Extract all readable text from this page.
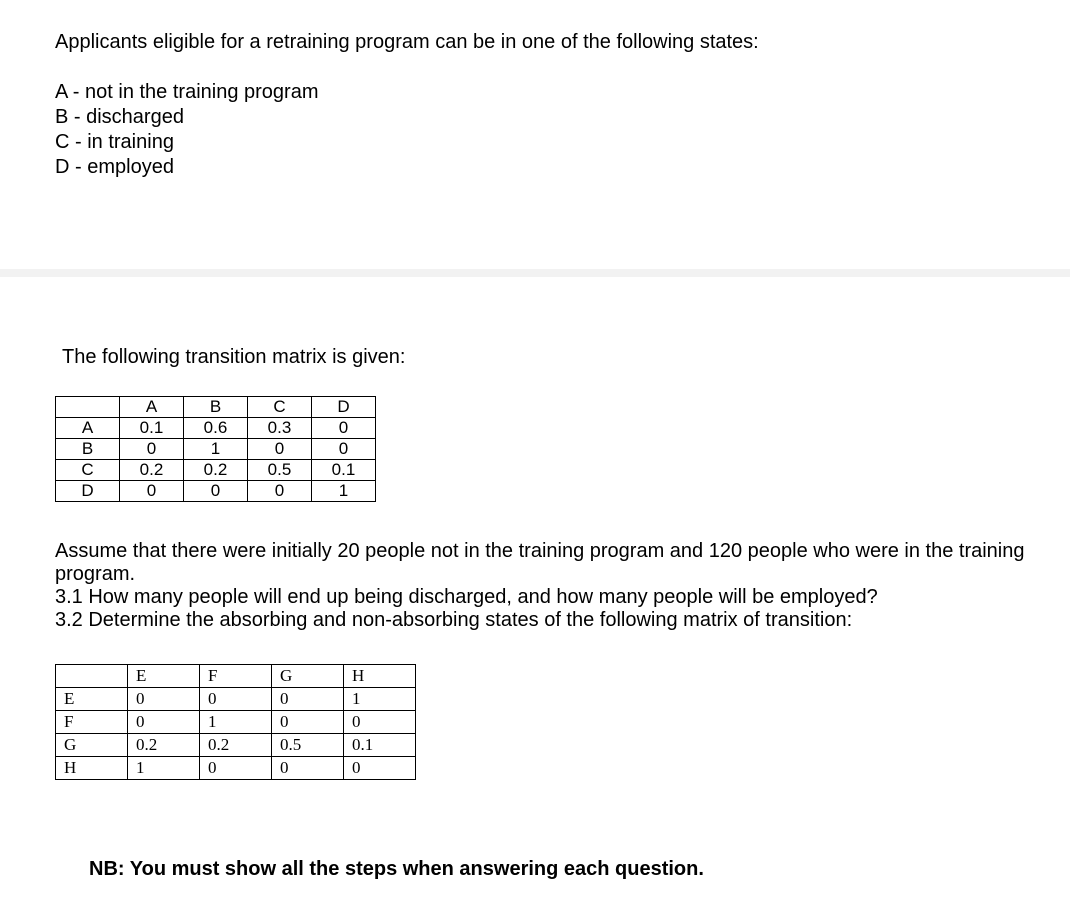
Applicants eligible for a retraining program can be in one of the following states:

A - not in the training program

B - discharged

C - in training

D - employed

The following transition matrix is given:

	A	B	C	D
A	0.1	0.6	0.3	0
B	0	1	0	0
C	0.2	0.2	0.5	0.1
D	0	0	0	1

Assume that there were initially 20 people not in the training program and 120 people who were in the training program.

3.1 How many people will end up being discharged, and how many people will be employed?

3.2 Determine the absorbing and non-absorbing states of the following matrix of transition:

	E	F	G	H
E	0	0	0	1
F	0	1	0	0
G	0.2	0.2	0.5	0.1
H	1	0	0	0

NB: You must show all the steps when answering each question.
